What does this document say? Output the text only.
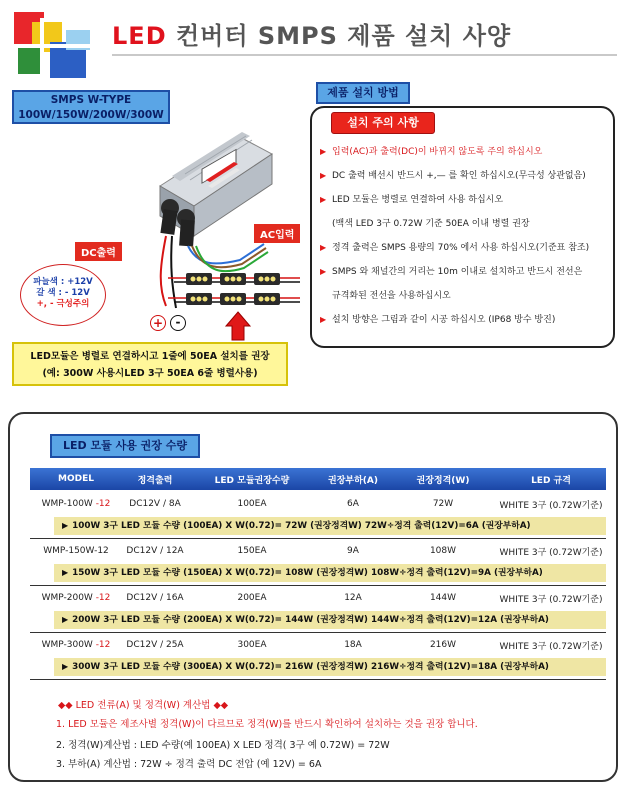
LED 컨버터 SMPS 제품 설치 사양
SMPS W-TYPE
100W/150W/200W/300W
DC출력
AC입력
파늘색 : +12V
갈 색 : - 12V
+, - 극성주의
+	-
LED모듈은 병렬로 연결하시고 1줄에 50EA 설치를 권장
(예: 300W 사용시LED 3구 50EA 6줄 병렬사용)
제품 설치 방법
설치 주의 사항
▶ 입력(AC)과 출력(DC)이 바뀌지 않도록 주의 하십시오
▶ DC 출력 배선시 반드시 +,— 를 확인 하십시오(무극성 상관없음)
▶ LED 모듈은 병렬로 연결하여 사용 하십시오
(백색 LED 3구 0.72W 기준 50EA 이내 병렬 권장
▶ 정격 출력은 SMPS 용량의 70% 에서 사용 하십시오(기준표 참조)
▶ SMPS 와 채널간의 거리는 10m 이내로 설치하고 반드시 전선은
규격화된 전선을 사용하십시오
▶ 설치 방향은 그림과 같이 시공 하십시오 (IP68 방수 방진)
LED 모듈 사용 권장 수량
MODEL	정격출력	LED 모듈권장수량	권장부하(A)	권장정격(W)	LED 규격
WMP-100W -12	DC12V / 8A	100EA	6A	72W	WHITE 3구 (0.72W기준)
▶ 100W 3구 LED 모듈 수량 (100EA) X W(0.72)= 72W (권장정격W) 72W÷정격 출력(12V)=6A (권장부하A)
WMP-150W-12	DC12V / 12A	150EA	9A	108W	WHITE 3구 (0.72W기준)
▶ 150W 3구 LED 모듈 수량 (150EA) X W(0.72)= 108W (권장정격W) 108W÷정격 출력(12V)=9A (권장부하A)
WMP-200W -12	DC12V / 16A	200EA	12A	144W	WHITE 3구 (0.72W기준)
▶ 200W 3구 LED 모듈 수량 (200EA) X W(0.72)= 144W (권장정격W) 144W÷정격 출력(12V)=12A (권장부하A)
WMP-300W -12	DC12V / 25A	300EA	18A	216W	WHITE 3구 (0.72W기준)
▶ 300W 3구 LED 모듈 수량 (300EA) X W(0.72)= 216W (권장정격W) 216W÷정격 출력(12V)=18A (권장부하A)
◆◆ LED 전류(A) 및 정격(W) 계산법 ◆◆
1. LED 모듈은 제조사별 정격(W)이 다르므로 정격(W)를 반드시 확인하여 설치하는 것을 권장 합니다.
2. 정격(W)계산법 : LED 수량(예 100EA) X LED 정격( 3구 예 0.72W) = 72W
3. 부하(A) 계산법 : 72W ÷ 정격 출력 DC 전압 (예 12V) = 6A
